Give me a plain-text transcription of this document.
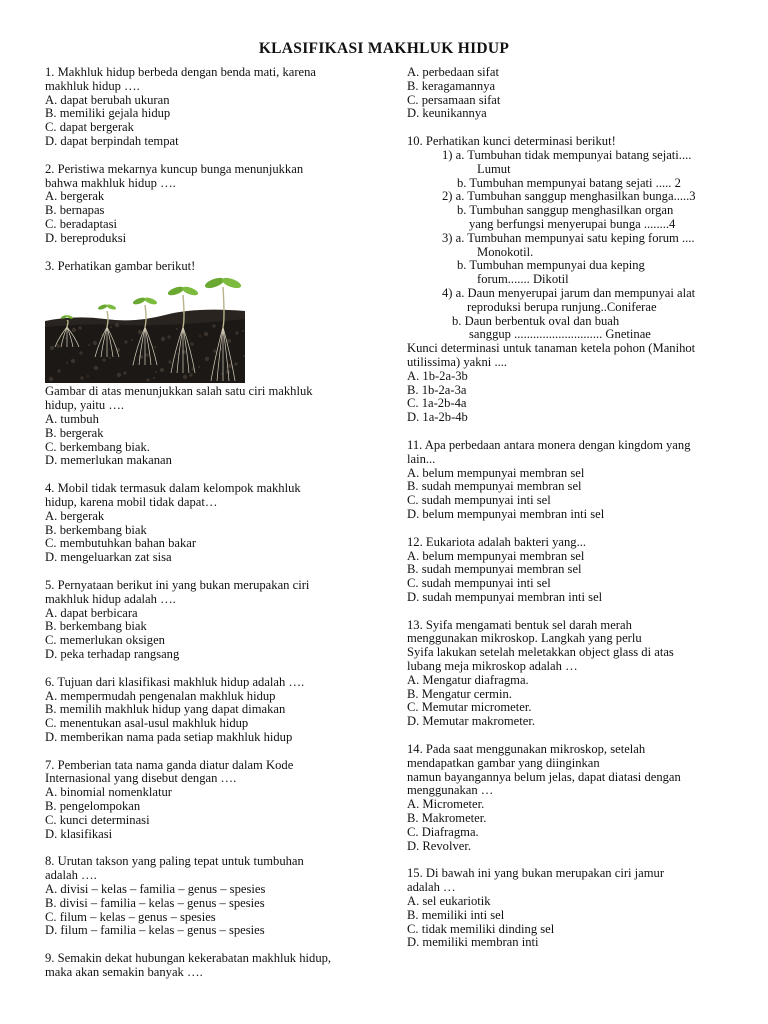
KLASIFIKASI MAKHLUK HIDUP
1. Makhluk hidup berbeda dengan benda mati, karena
makhluk hidup ….
A. dapat berubah ukuran
B. memiliki gejala hidup
C. dapat bergerak
D. dapat berpindah tempat
2. Peristiwa mekarnya kuncup bunga menunjukkan
bahwa makhluk hidup ….
A. bergerak
B. bernapas
C. beradaptasi
D. bereproduksi
3. Perhatikan gambar berikut!
Gambar di atas menunjukkan salah satu ciri makhluk
hidup, yaitu ….
A. tumbuh
B. bergerak
C. berkembang biak.
D. memerlukan makanan
4. Mobil tidak termasuk dalam kelompok makhluk
hidup, karena mobil tidak dapat…
A. bergerak
B. berkembang biak
C. membutuhkan bahan bakar
D. mengeluarkan zat sisa
5. Pernyataan berikut ini yang bukan merupakan ciri
makhluk hidup adalah ….
A. dapat berbicara
B. berkembang biak
C. memerlukan oksigen
D. peka terhadap rangsang
6. Tujuan dari klasifikasi makhluk hidup adalah ….
A. mempermudah pengenalan makhluk hidup
B. memilih makhluk hidup yang dapat dimakan
C. menentukan asal-usul makhluk hidup
D. memberikan nama pada setiap makhluk hidup
7. Pemberian tata nama ganda diatur dalam Kode
Internasional yang disebut dengan ….
A. binomial nomenklatur
B. pengelompokan
C. kunci determinasi
D. klasifikasi
8. Urutan takson yang paling tepat untuk tumbuhan
adalah ….
A. divisi – kelas – familia – genus – spesies
B. divisi – familia – kelas – genus – spesies
C. filum – kelas – genus – spesies
D. filum – familia – kelas – genus – spesies
9. Semakin dekat hubungan kekerabatan makhluk hidup,
maka akan semakin banyak ….
A. perbedaan sifat
B. keragamannya
C. persamaan sifat
D. keunikannya
10. Perhatikan kunci determinasi berikut!
1) a. Tumbuhan tidak mempunyai batang sejati....
Lumut
b. Tumbuhan mempunyai batang sejati ..... 2
2) a. Tumbuhan sanggup menghasilkan bunga.....3
b. Tumbuhan sanggup menghasilkan organ
yang berfungsi menyerupai bunga ........4
3) a. Tumbuhan mempunyai satu keping forum ....
Monokotil.
b. Tumbuhan mempunyai dua keping
forum....... Dikotil
4) a. Daun menyerupai jarum dan mempunyai alat
reproduksi berupa runjung..Coniferae
b. Daun berbentuk oval dan buah
sanggup ............................ Gnetinae
Kunci determinasi untuk tanaman ketela pohon (Manihot
utilissima) yakni ....
A. 1b-2a-3b
B. 1b-2a-3a
C. 1a-2b-4a
D. 1a-2b-4b
11. Apa perbedaan antara monera dengan kingdom yang
lain...
A. belum mempunyai membran sel
B. sudah mempunyai membran sel
C. sudah mempunyai inti sel
D. belum mempunyai membran inti sel
12. Eukariota adalah bakteri yang...
A. belum mempunyai membran sel
B. sudah mempunyai membran sel
C. sudah mempunyai inti sel
D. sudah mempunyai membran inti sel
13. Syifa mengamati bentuk sel darah merah
menggunakan mikroskop. Langkah yang perlu
Syifa lakukan setelah meletakkan object glass di atas
lubang meja mikroskop adalah …
A. Mengatur diafragma.
B. Mengatur cermin.
C. Memutar micrometer.
D. Memutar makrometer.
14. Pada saat menggunakan mikroskop, setelah
mendapatkan gambar yang diinginkan
namun bayangannya belum jelas, dapat diatasi dengan
menggunakan …
A. Micrometer.
B. Makrometer.
C. Diafragma.
D. Revolver.
15. Di bawah ini yang bukan merupakan ciri jamur
adalah …
A. sel eukariotik
B. memiliki inti sel
C. tidak memiliki dinding sel
D. memiliki membran inti
